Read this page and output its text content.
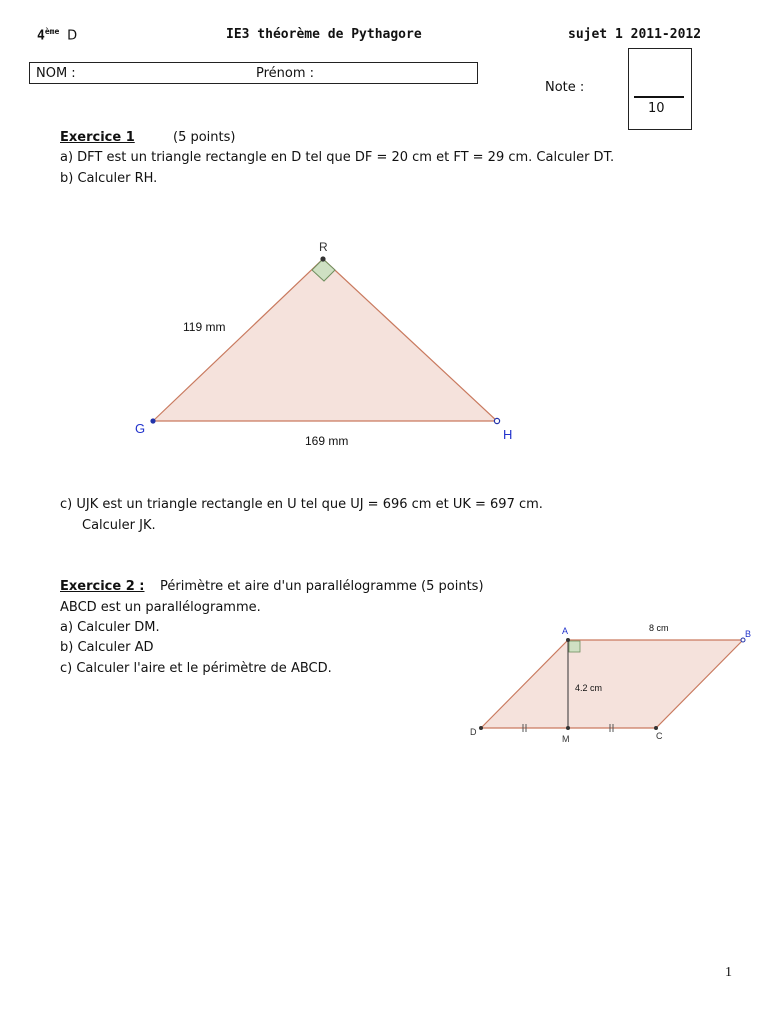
4ème D	IE3 théorème de Pythagore	sujet 1 2011-2012
NOM :	Prénom :
Note :
10
Exercice 1	(5 points)
a) DFT est un triangle rectangle en D tel que DF = 20 cm et FT = 29 cm. Calculer DT.
b) Calculer RH.
R
G	H
119 mm
169 mm
c) UJK est un triangle rectangle en U tel que UJ = 696 cm et UK = 697 cm.
Calculer JK.
Exercice 2 : Périmètre et aire d'un parallélogramme (5 points)
ABCD est un parallélogramme.
a) Calculer DM.
b) Calculer AD
c) Calculer l'aire et le périmètre de ABCD.
A	B
C
D
M
8 cm
4.2 cm
1
